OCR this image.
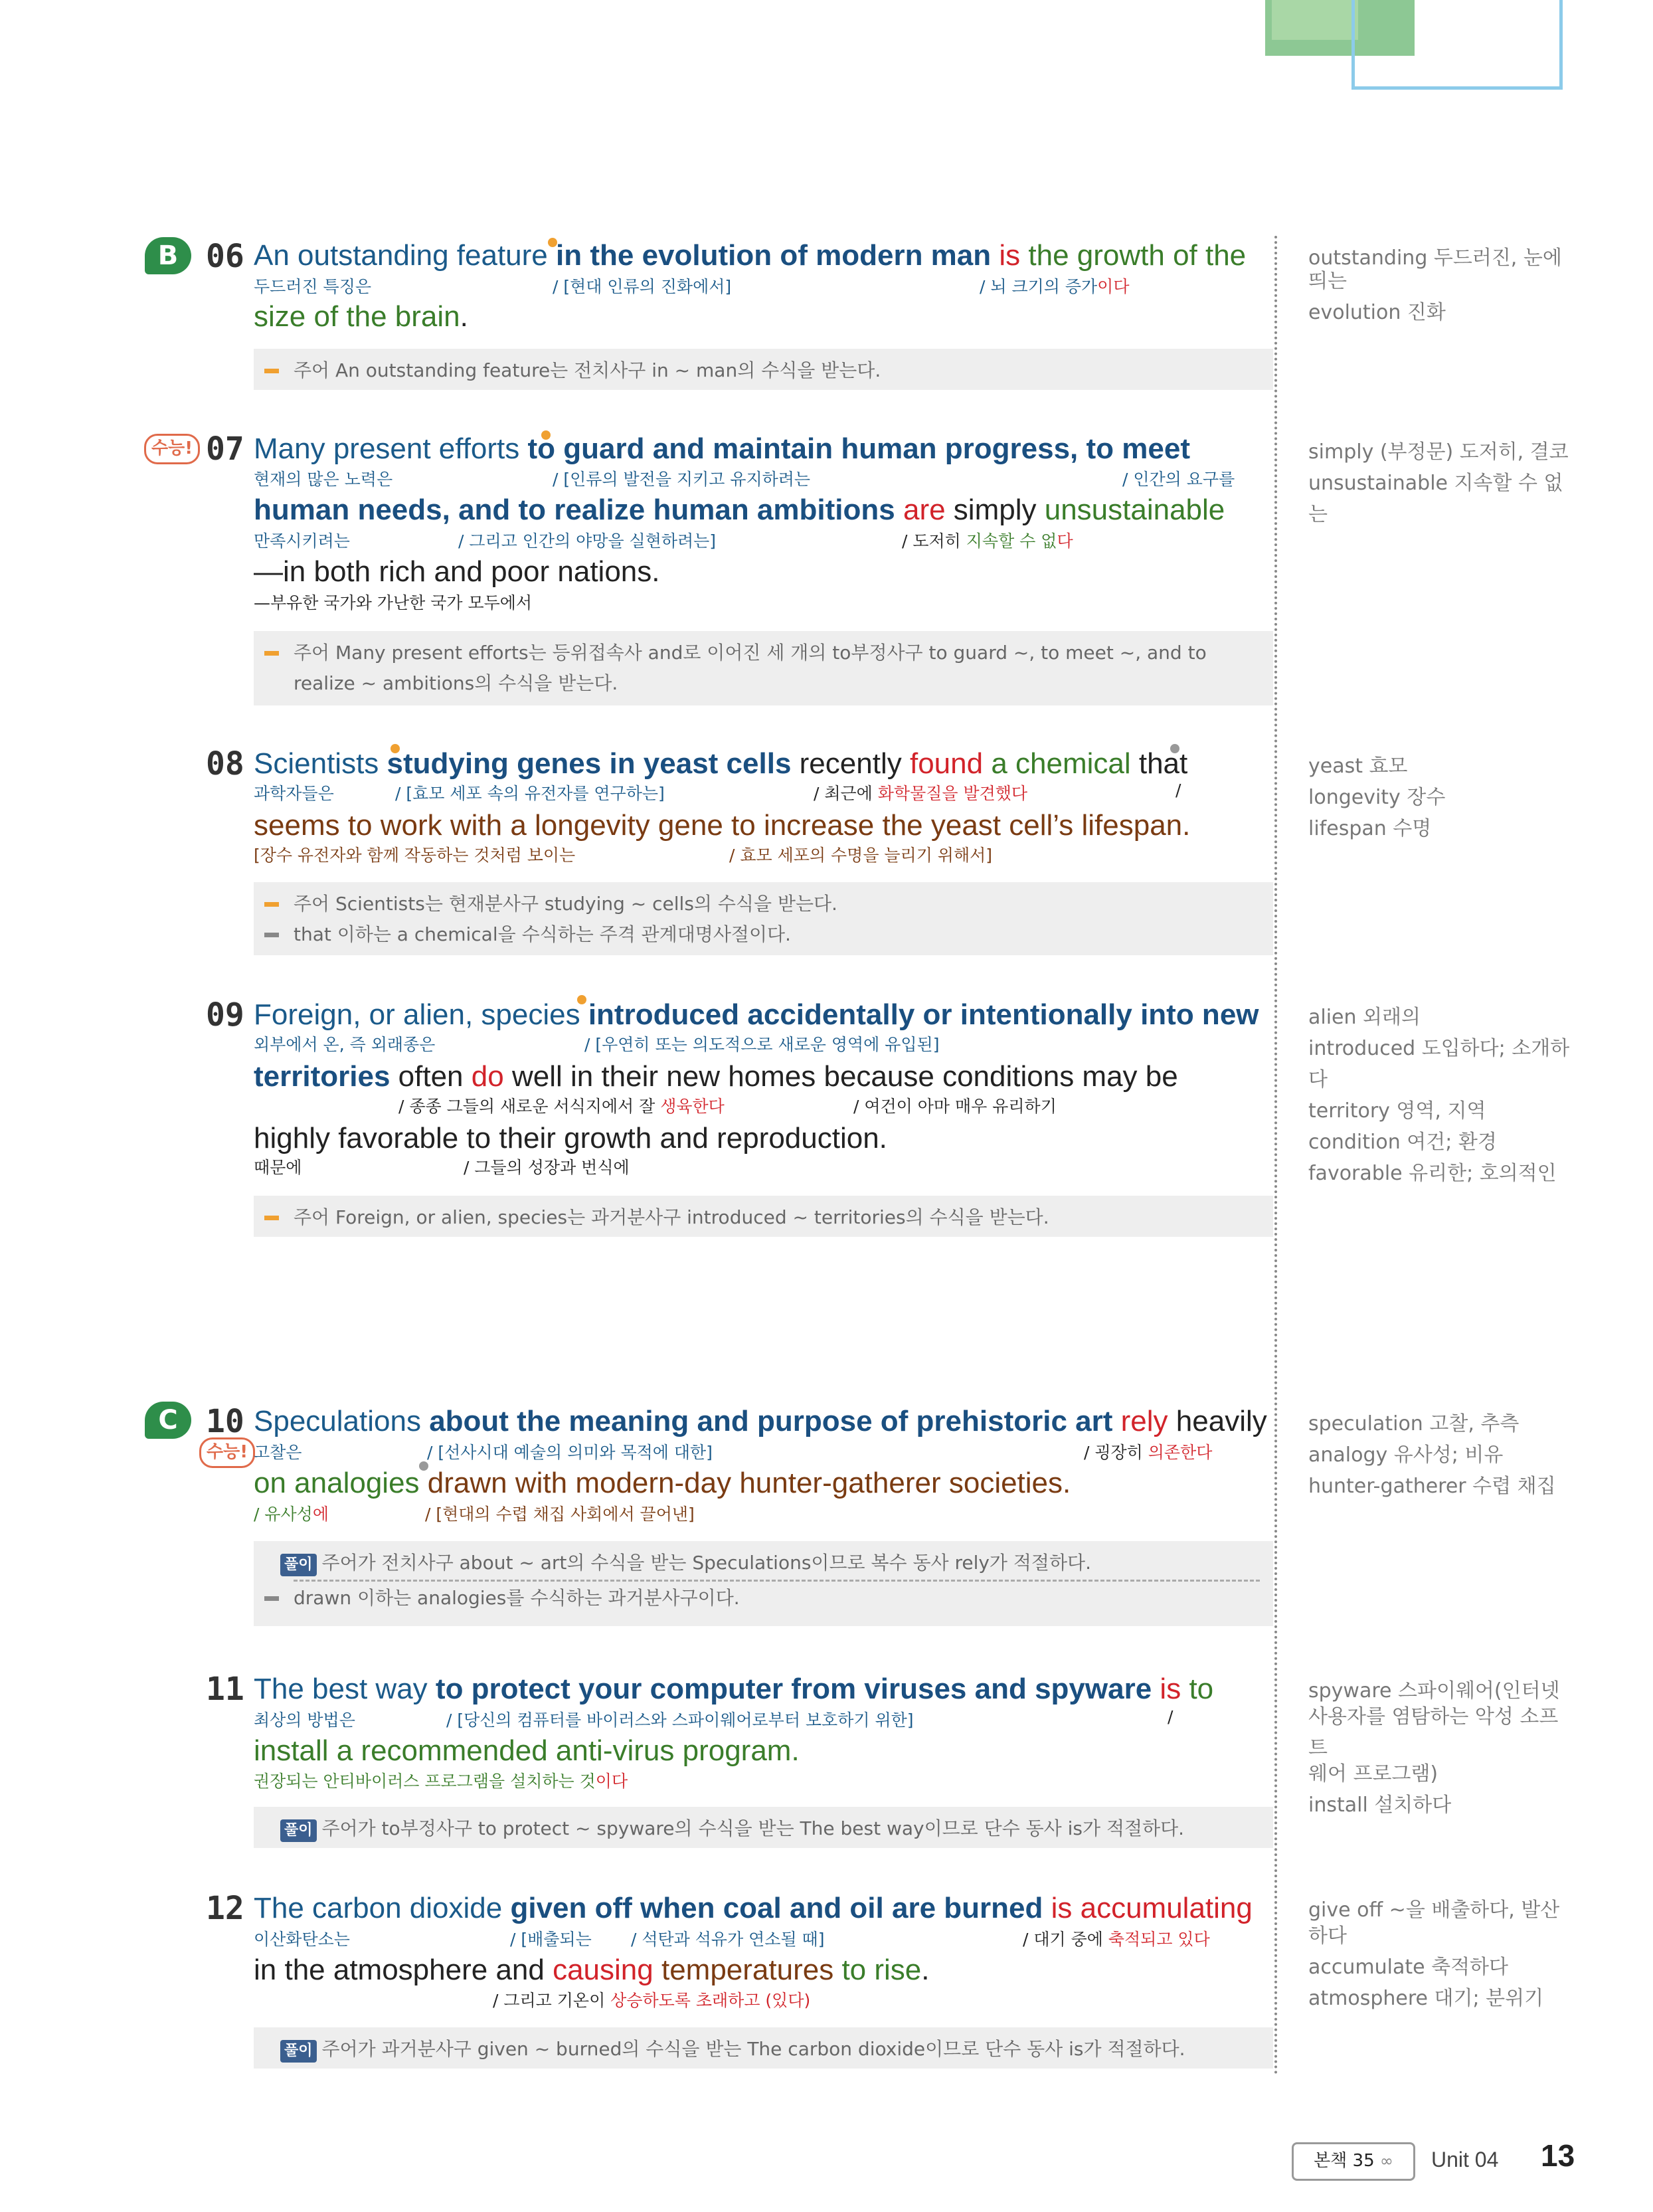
B 06 An outstanding feature in the evolution of modern man is the growth of the
두드러진 특징은	/ [현대 인류의 진화에서]	/ 뇌 크기의 증가이다
size of the brain.
주어 An outstanding feature는 전치사구 in ~ man의 수식을 받는다.
수능! 07 Many present efforts to guard and maintain human progress, to meet
현재의 많은 노력은	/ [인류의 발전을 지키고 유지하려는	/ 인간의 요구를
human needs, and to realize human ambitions are simply unsustainable
만족시키려는	/ 그리고 인간의 야망을 실현하려는]	/ 도저히 지속할 수 없다
—in both rich and poor nations.
—부유한 국가와 가난한 국가 모두에서
주어 Many present efforts는 등위접속사 and로 이어진 세 개의 to부정사구 to guard ~, to meet ~, and to
realize ~ ambitions의 수식을 받는다.
08 Scientists studying genes in yeast cells recently found a chemical that
과학자들은	/ [효모 세포 속의 유전자를 연구하는]	/ 최근에 화학물질을 발견했다	/
seems to work with a longevity gene to increase the yeast cell’s lifespan.
[장수 유전자와 함께 작동하는 것처럼 보이는	/ 효모 세포의 수명을 늘리기 위해서]
주어 Scientists는 현재분사구 studying ~ cells의 수식을 받는다.
that 이하는 a chemical을 수식하는 주격 관계대명사절이다.
09 Foreign, or alien, species introduced accidentally or intentionally into new
외부에서 온, 즉 외래종은	/ [우연히 또는 의도적으로 새로운 영역에 유입된]
territories often do well in their new homes because conditions may be
/ 종종 그들의 새로운 서식지에서 잘 생육한다	/ 여건이 아마 매우 유리하기
highly favorable to their growth and reproduction.
때문에	/ 그들의 성장과 번식에
주어 Foreign, or alien, species는 과거분사구 introduced ~ territories의 수식을 받는다.
C
수능!
10 Speculations about the meaning and purpose of prehistoric art rely heavily
고찰은	/ [선사시대 예술의 의미와 목적에 대한]	/ 굉장히 의존한다
on analogies drawn with modern-day hunter-gatherer societies.
/ 유사성에	/ [현대의 수렵 채집 사회에서 끌어낸]
풀이 주어가 전치사구 about ~ art의 수식을 받는 Speculations이므로 복수 동사 rely가 적절하다.
drawn 이하는 analogies를 수식하는 과거분사구이다.
11 The best way to protect your computer from viruses and spyware is to
최상의 방법은	/ [당신의 컴퓨터를 바이러스와 스파이웨어로부터 보호하기 위한]	/
install a recommended anti-virus program.
권장되는 안티바이러스 프로그램을 설치하는 것이다
풀이 주어가 to부정사구 to protect ~ spyware의 수식을 받는 The best way이므로 단수 동사 is가 적절하다.
12 The carbon dioxide given off when coal and oil are burned is accumulating
이산화탄소는	/ [배출되는 / 석탄과 석유가 연소될 때]	/ 대기 중에 축적되고 있다
in the atmosphere and causing temperatures to rise.
/ 그리고 기온이 상승하도록 초래하고 (있다)
풀이 주어가 과거분사구 given ~ burned의 수식을 받는 The carbon dioxide이므로 단수 동사 is가 적절하다.
outstanding 두드러진, 눈에
띄는
evolution 진화
simply (부정문) 도저히, 결코
unsustainable 지속할 수 없는
yeast 효모
longevity 장수
lifespan 수명
alien 외래의
introduced 도입하다; 소개하다
territory 영역, 지역
condition 여건; 환경
favorable 유리한; 호의적인
speculation 고찰, 추측
analogy 유사성; 비유
hunter-gatherer 수렵 채집
spyware 스파이웨어(인터넷
사용자를 염탐하는 악성 소프트
웨어 프로그램)
install 설치하다
give off ~을 배출하다, 발산
하다
accumulate 축적하다
atmosphere 대기; 분위기
본책 35 ∞	Unit 04 13
